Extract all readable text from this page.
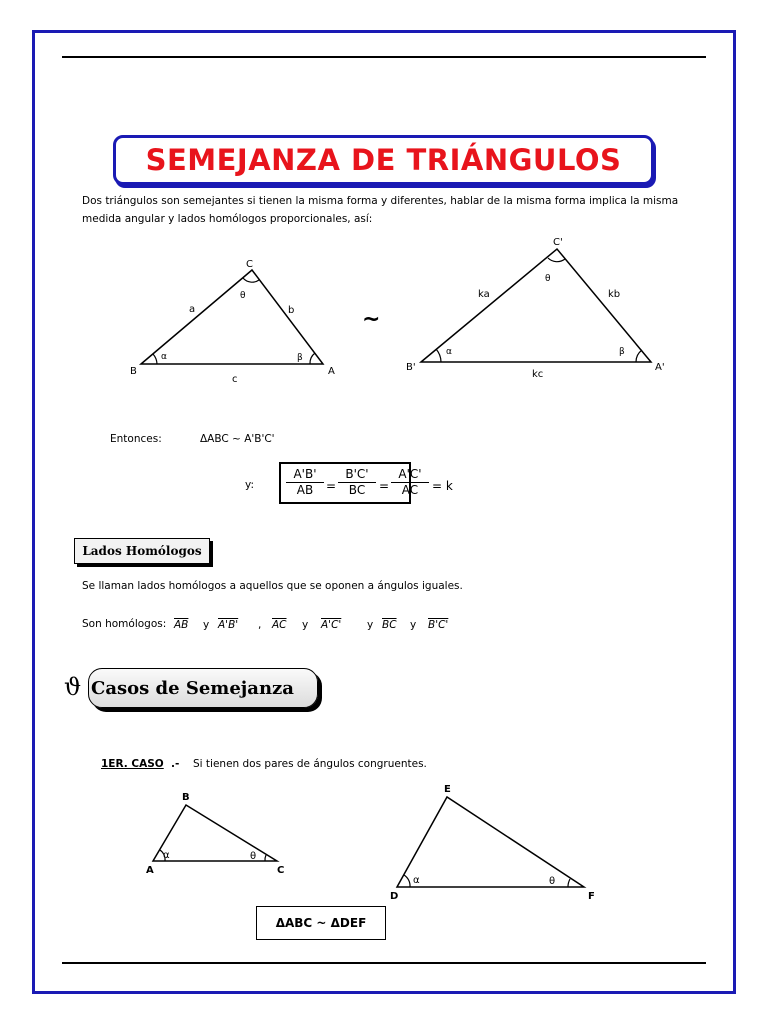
SEMEJANZA DE TRIÁNGULOS
Dos triángulos son semejantes si tienen la misma forma y diferentes, hablar de la misma forma implica la misma medida angular y lados homólogos proporcionales, así:
C
B	A
a	b
c
θ
α	β
~
C'
B'	A'
ka	kb
kc
θ
α	β
Entonces:	ΔABC ~ A'B'C'
y:	$\frac{A'B'}{AB} = \frac{B'C'}{BC} = \frac{A'C'}{AC} = k$
Lados Homólogos
Se llaman lados homólogos a aquellos que se oponen a ángulos iguales.
Son homólogos: $\overline{AB}$ y A'B' , $\overline{AC}$ y A'C' y $\overline{BC}$ y B'C'
ϑ Casos de Semejanza
1ER. CASO .- Si tienen dos pares de ángulos congruentes.
B
A	C
α	θ
E
D	F
α	θ
ΔABC ~ ΔDEF
